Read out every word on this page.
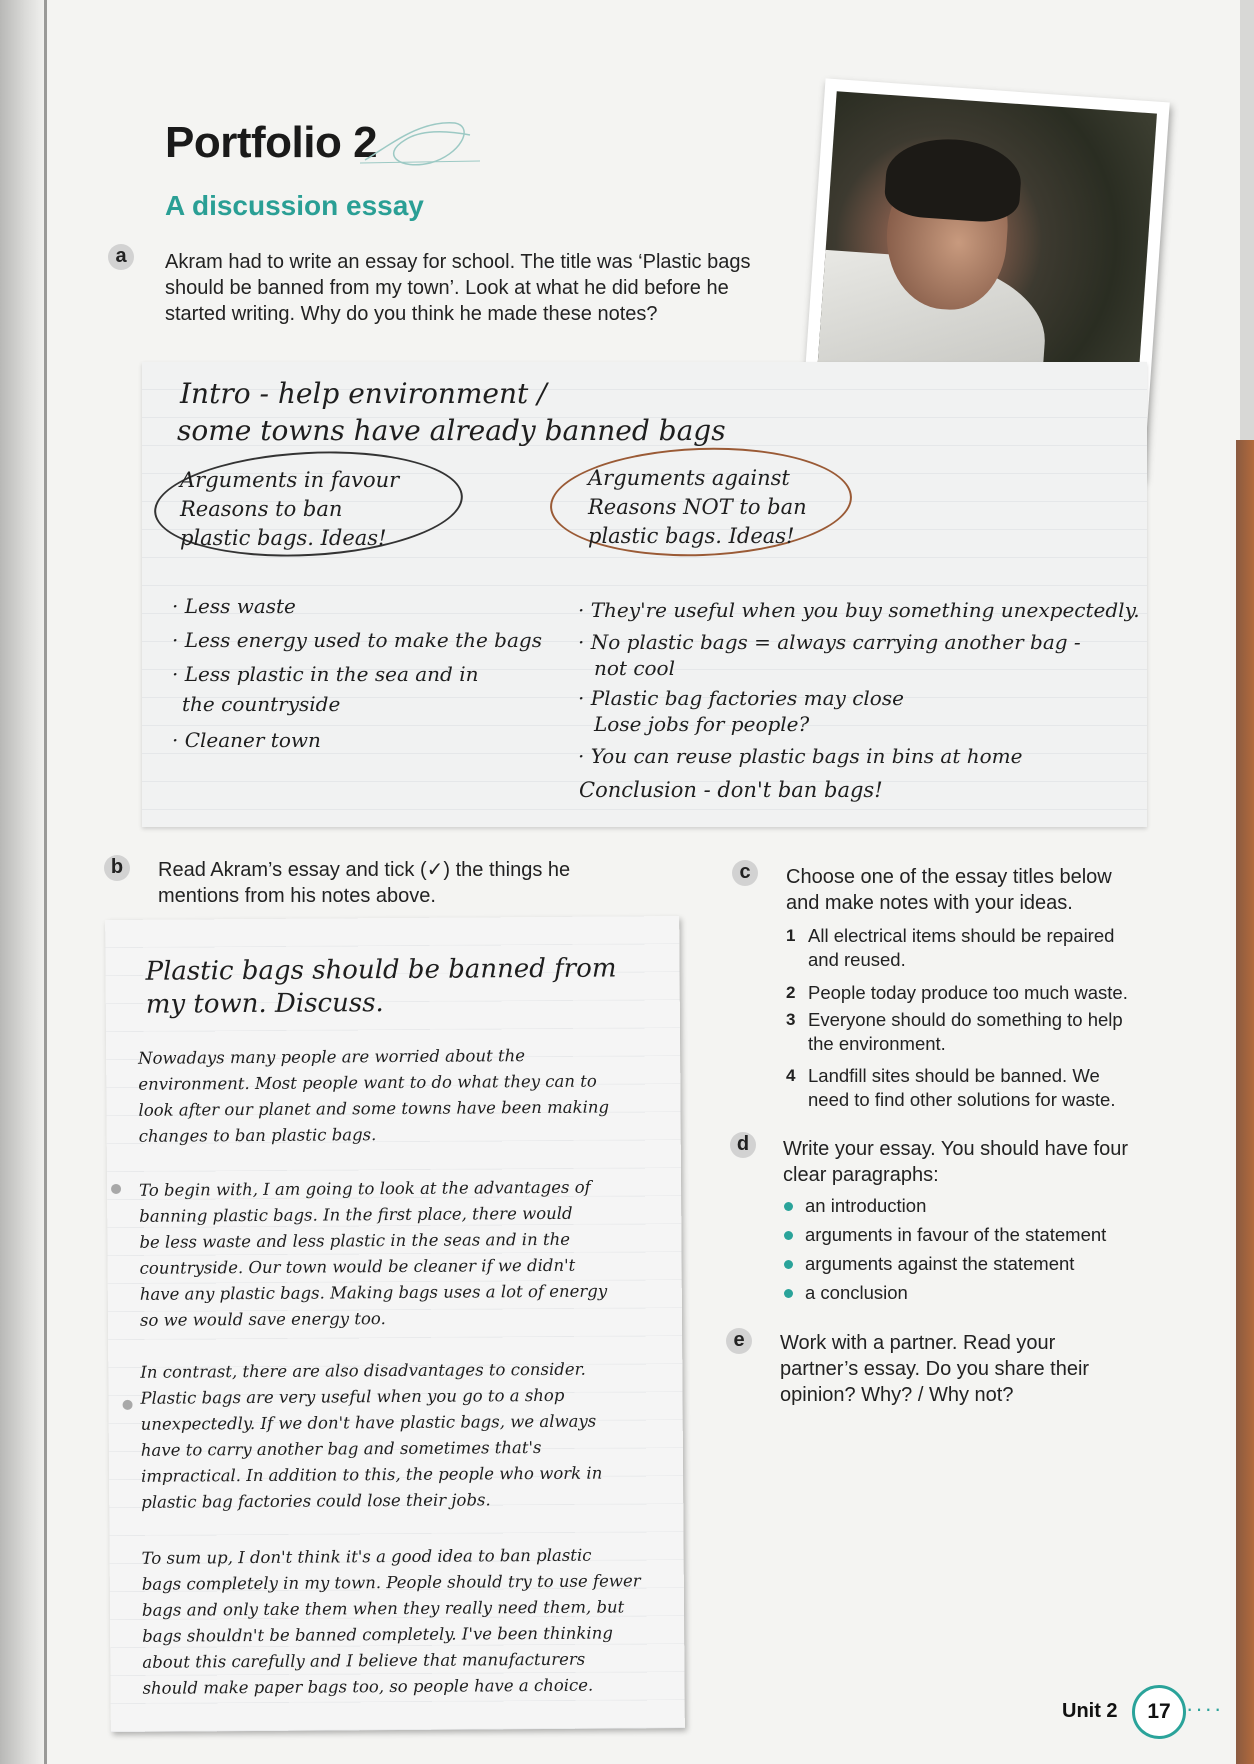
Portfolio 2
A discussion essay
a	Akram had to write an essay for school. The title was ‘Plastic bags
should be banned from my town’. Look at what he did before he
started writing. Why do you think he made these notes?
Intro - help environment /
some towns have already banned bags
Arguments in favour
Reasons to ban
plastic bags. Ideas!
Arguments against
Reasons NOT to ban
plastic bags. Ideas!
· Less waste
· Less energy used to make the bags
· Less plastic in the sea and in
the countryside
· Cleaner town
· They're useful when you buy something unexpectedly.
· No plastic bags = always carrying another bag -
not cool
· Plastic bag factories may close
Lose jobs for people?
· You can reuse plastic bags in bins at home
Conclusion - don't ban bags!
b	Read Akram’s essay and tick (✓) the things he
mentions from his notes above.
Plastic bags should be banned from
my town. Discuss.
Nowadays many people are worried about the
environment. Most people want to do what they can to
look after our planet and some towns have been making
changes to ban plastic bags.
To begin with, I am going to look at the advantages of
banning plastic bags. In the first place, there would
be less waste and less plastic in the seas and in the
countryside. Our town would be cleaner if we didn't
have any plastic bags. Making bags uses a lot of energy
so we would save energy too.
In contrast, there are also disadvantages to consider.
Plastic bags are very useful when you go to a shop
unexpectedly. If we don't have plastic bags, we always
have to carry another bag and sometimes that's
impractical. In addition to this, the people who work in
plastic bag factories could lose their jobs.
To sum up, I don't think it's a good idea to ban plastic
bags completely in my town. People should try to use fewer
bags and only take them when they really need them, but
bags shouldn't be banned completely. I've been thinking
about this carefully and I believe that manufacturers
should make paper bags too, so people have a choice.
c	Choose one of the essay titles below
and make notes with your ideas.
1 All electrical items should be repaired
and reused.
2 People today produce too much waste.
3 Everyone should do something to help
the environment.
4 Landfill sites should be banned. We
need to find other solutions for waste.
d	Write your essay. You should have four
clear paragraphs:
an introduction
arguments in favour of the statement
arguments against the statement
a conclusion
e	Work with a partner. Read your
partner’s essay. Do you share their
opinion? Why? / Why not?
Unit 2	17 ····
